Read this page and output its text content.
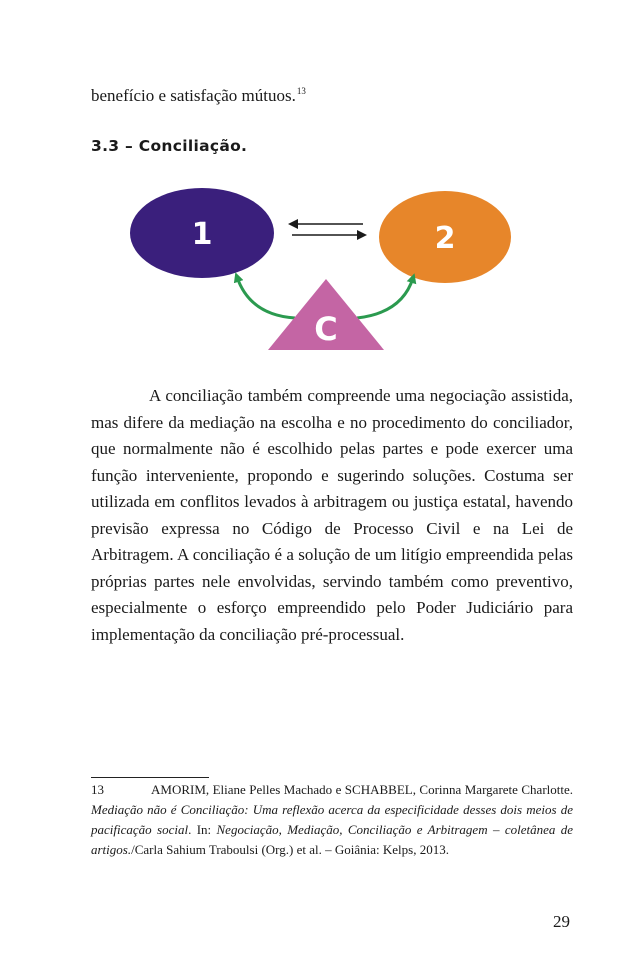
benefício e satisfação mútuos.$^{13}$
3.3 – Conciliação.
1	2
C

A conciliação também compreende uma negociação assistida, mas difere da mediação na escolha e no procedimento do conciliador, que normalmente não é escolhido pelas partes e pode exercer uma função interveniente, propondo e sugerindo soluções. Costuma ser utilizada em conflitos levados à arbitragem ou justiça estatal, havendo previsão expressa no Código de Processo Civil e na Lei de Arbitragem. A conciliação é a solução de um litígio empreendida pelas próprias partes nele envolvidas, servindo também como preventivo, especialmente o esforço empreendido pelo Poder Judiciário para implementação da conciliação pré-processual.

13	AMORIM, Eliane Pelles Machado e SCHABBEL, Corinna Margarete Charlotte. Mediação não é Conciliação: Uma reflexão acerca da especificidade desses dois meios de pacificação social. In: Negociação, Mediação, Conciliação e Arbitragem – coletânea de artigos./Carla Sahium Traboulsi (Org.) et al. – Goiânia: Kelps, 2013.

29
